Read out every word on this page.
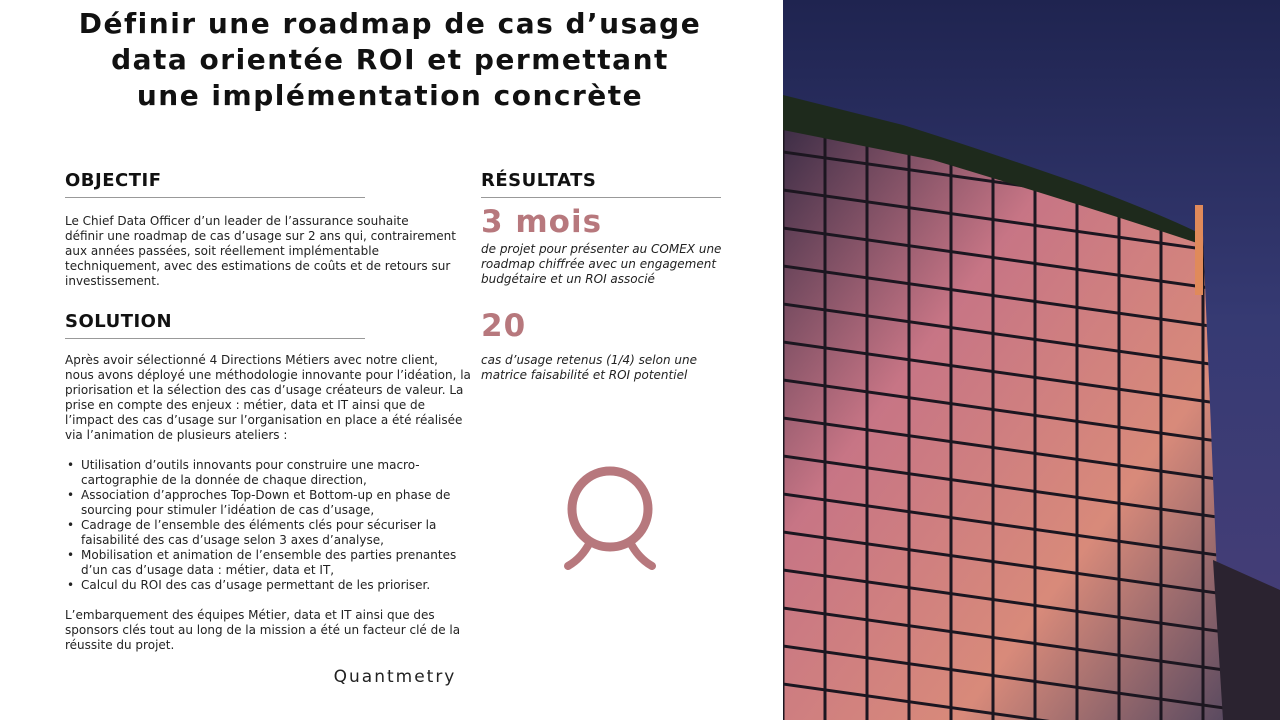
Définir une roadmap de cas d’usage
data orientée ROI et permettant
une implémentation concrète
OBJECTIF

Le Chief Data Officer d’un leader de l’assurance souhaite

définir une roadmap de cas d’usage sur 2 ans qui, contrairement

aux années passées, soit réellement implémentable

techniquement, avec des estimations de coûts et de retours sur

investissement.

SOLUTION

Après avoir sélectionné 4 Directions Métiers avec notre client,

nous avons déployé une méthodologie innovante pour l’idéation, la

priorisation et la sélection des cas d’usage créateurs de valeur. La

prise en compte des enjeux : métier, data et IT ainsi que de

l’impact des cas d’usage sur l’organisation en place a été réalisée

via l’animation de plusieurs ateliers :

• Utilisation d’outils innovants pour construire une macro-

cartographie de la donnée de chaque direction,

• Association d’approches Top-Down et Bottom-up en phase de

sourcing pour stimuler l’idéation de cas d’usage,

• Cadrage de l’ensemble des éléments clés pour sécuriser la

faisabilité des cas d’usage selon 3 axes d’analyse,

• Mobilisation et animation de l’ensemble des parties prenantes

d’un cas d’usage data : métier, data et IT,

• Calcul du ROI des cas d’usage permettant de les prioriser.

L’embarquement des équipes Métier, data et IT ainsi que des

sponsors clés tout au long de la mission a été un facteur clé de la

réussite du projet.

RÉSULTATS
3 mois
de projet pour présenter au COMEX une
roadmap chiffrée avec un engagement
budgétaire et un ROI associé
20
cas d’usage retenus (1/4) selon une
matrice faisabilité et ROI potentiel
Quantmetry
